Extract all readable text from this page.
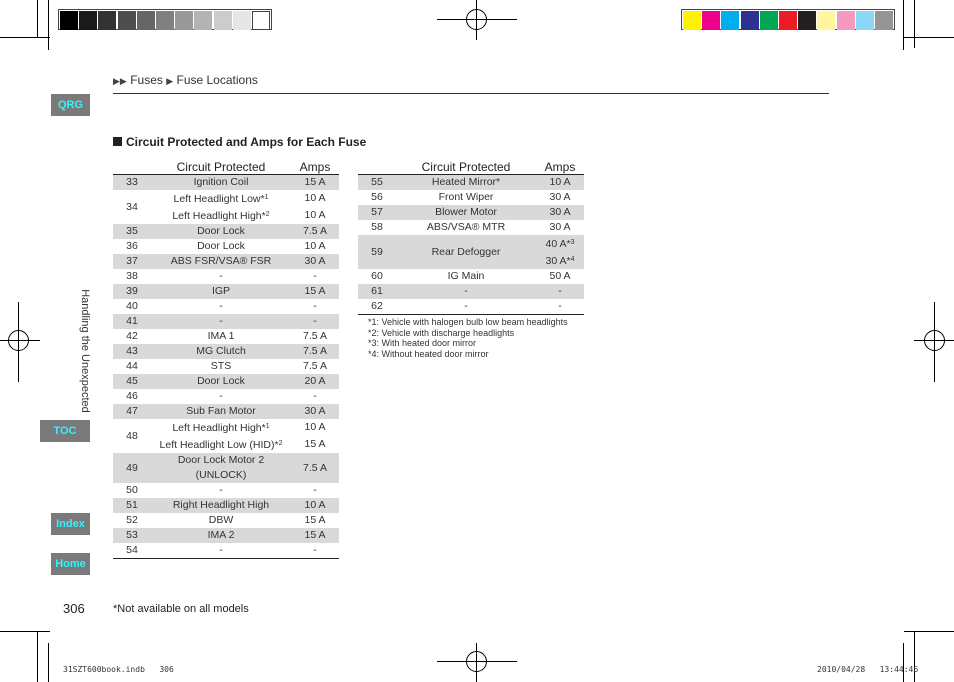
▶▶ Fuses ▶ Fuse Locations
QRG
Handling the Unexpected
TOC
Index
Home
Circuit Protected and Amps for Each Fuse
	Circuit Protected	Amps
33	Ignition Coil	15 A
34	Left Headlight Low*$^1$	10 A
	Left Headlight High*$^2$	10 A
35	Door Lock	7.5 A
36	Door Lock	10 A
37	ABS FSR/VSA® FSR	30 A
38	-	-
39	IGP	15 A
40	-	-
41	-	-
42	IMA 1	7.5 A
43	MG Clutch	7.5 A
44	STS	7.5 A
45	Door Lock	20 A
46	-	-
47	Sub Fan Motor	30 A
48	Left Headlight High*$^1$	10 A
	Left Headlight Low (HID)*$^2$	15 A
49	Door Lock Motor 2
(UNLOCK)	7.5 A
50	-	-
51	Right Headlight High	10 A
52	DBW	15 A
53	IMA 2	15 A
54	-	-
	Circuit Protected	Amps
55	Heated Mirror*	10 A
56	Front Wiper	30 A
57	Blower Motor	30 A
58	ABS/VSA® MTR	30 A
59	Rear Defogger	40 A*$^3$
		30 A*$^4$
60	IG Main	50 A
61	-	-
62	-	-
*1: Vehicle with halogen bulb low beam headlights
*2: Vehicle with discharge headlights
*3: With heated door mirror
*4: Without heated door mirror
306	*Not available on all models
31SZT600book.indb   306	2010/04/28   13:44:46
